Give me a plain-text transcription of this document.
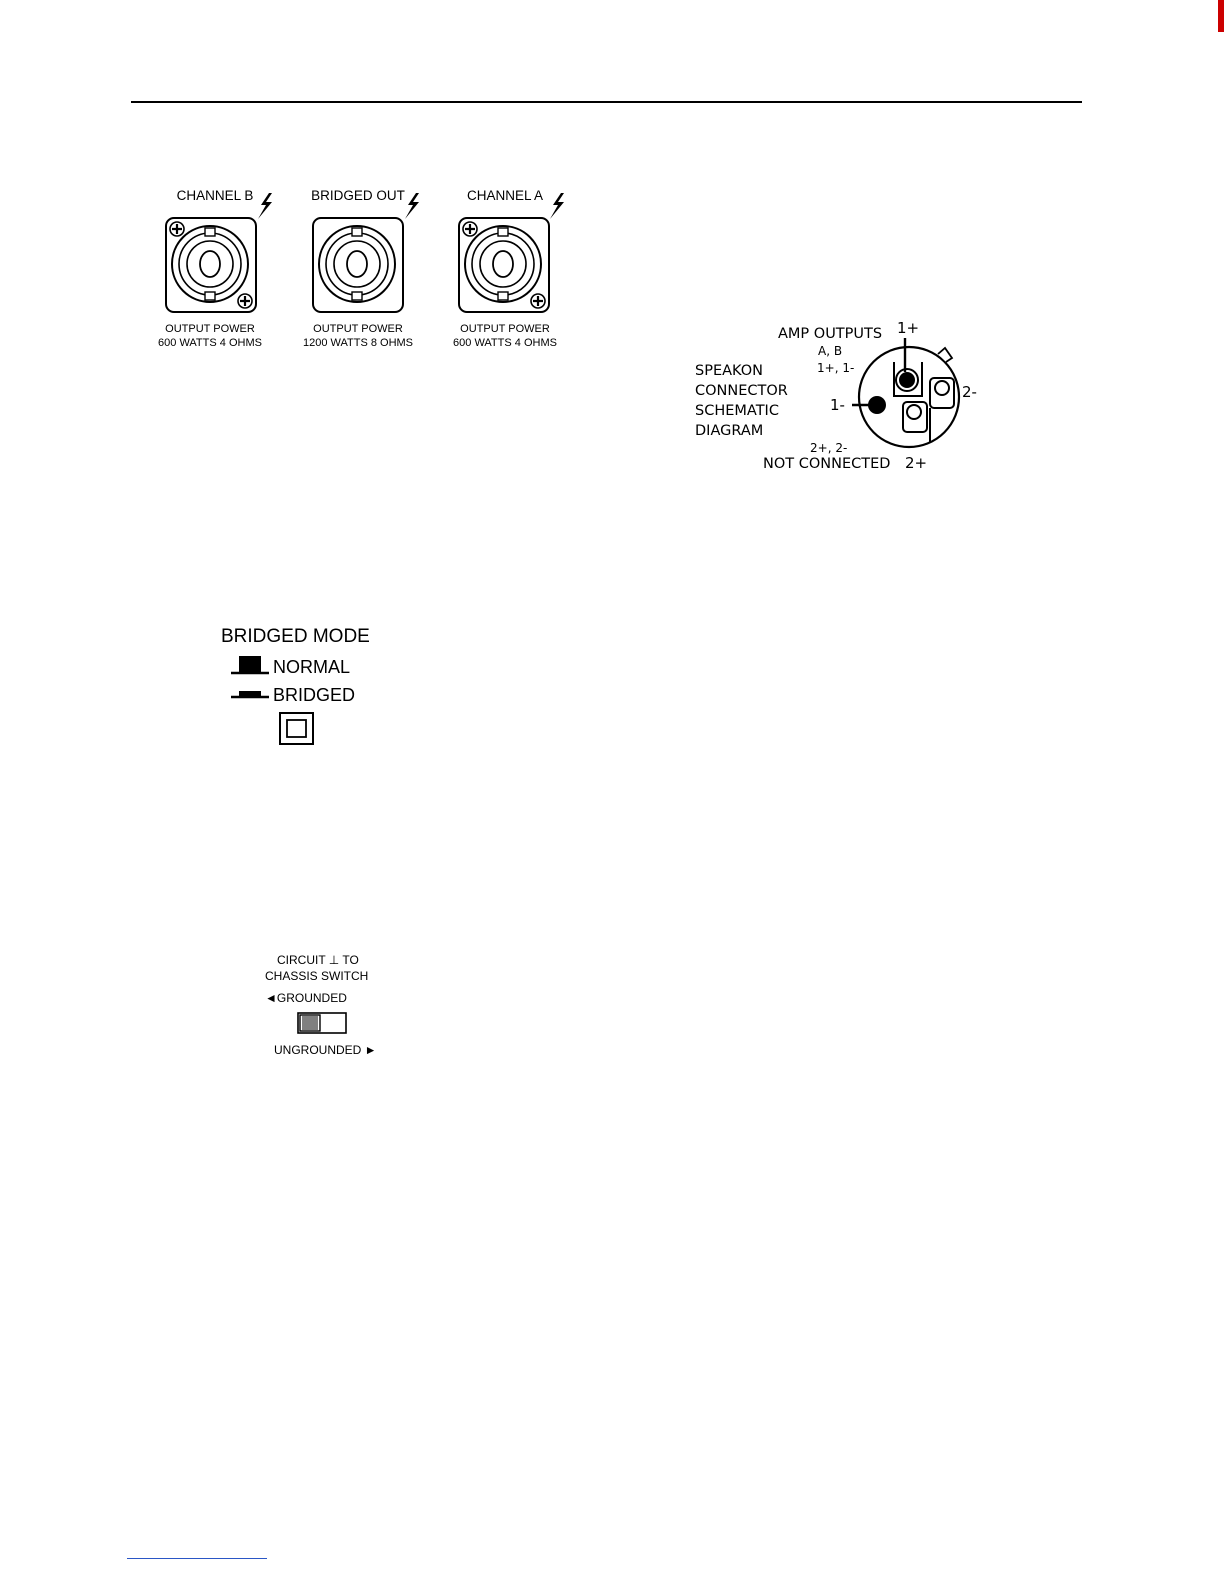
CHANNEL B
OUTPUT POWER
600 WATTS 4 OHMS
BRIDGED OUT
OUTPUT POWER
1200 WATTS 8 OHMS
CHANNEL A
OUTPUT POWER
600 WATTS 4 OHMS
AMP OUTPUTS
A, B
1+, 1-
SPEAKON
CONNECTOR
SCHEMATIC
DIAGRAM
2+, 2-
NOT CONNECTED
1+
1-
2-
2+
BRIDGED MODE
NORMAL
BRIDGED
CIRCUIT ⊥ TO
CHASSIS SWITCH
◄GROUNDED
UNGROUNDED ►
